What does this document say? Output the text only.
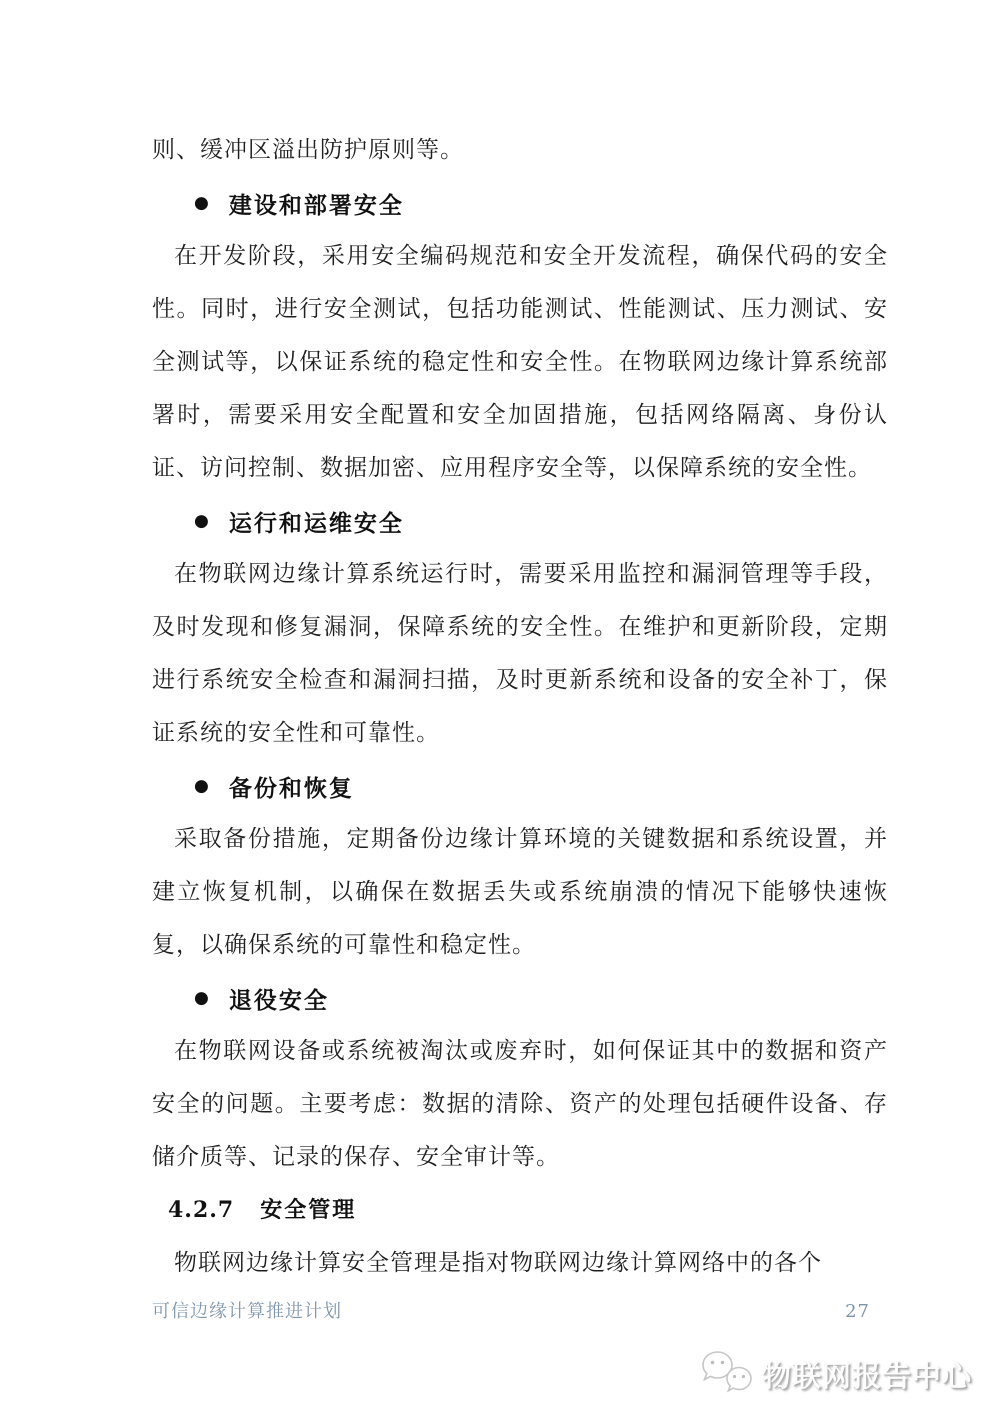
则、缓冲区溢出防护原则等。

● 建设和部署安全

在开发阶段，采用安全编码规范和安全开发流程，确保代码的安全性。同时，进行安全测试，包括功能测试、性能测试、压力测试、安全测试等，以保证系统的稳定性和安全性。在物联网边缘计算系统部署时，需要采用安全配置和安全加固措施，包括网络隔离、身份认证、访问控制、数据加密、应用程序安全等，以保障系统的安全性。

● 运行和运维安全

在物联网边缘计算系统运行时，需要采用监控和漏洞管理等手段，及时发现和修复漏洞，保障系统的安全性。在维护和更新阶段，定期进行系统安全检查和漏洞扫描，及时更新系统和设备的安全补丁，保证系统的安全性和可靠性。

● 备份和恢复

采取备份措施，定期备份边缘计算环境的关键数据和系统设置，并建立恢复机制，以确保在数据丢失或系统崩溃的情况下能够快速恢复，以确保系统的可靠性和稳定性。

● 退役安全

在物联网设备或系统被淘汰或废弃时，如何保证其中的数据和资产安全的问题。主要考虑：数据的清除、资产的处理包括硬件设备、存储介质等、记录的保存、安全审计等。

4.2.7 安全管理

物联网边缘计算安全管理是指对物联网边缘计算网络中的各个

可信边缘计算推进计划	27
物联网报告中心
